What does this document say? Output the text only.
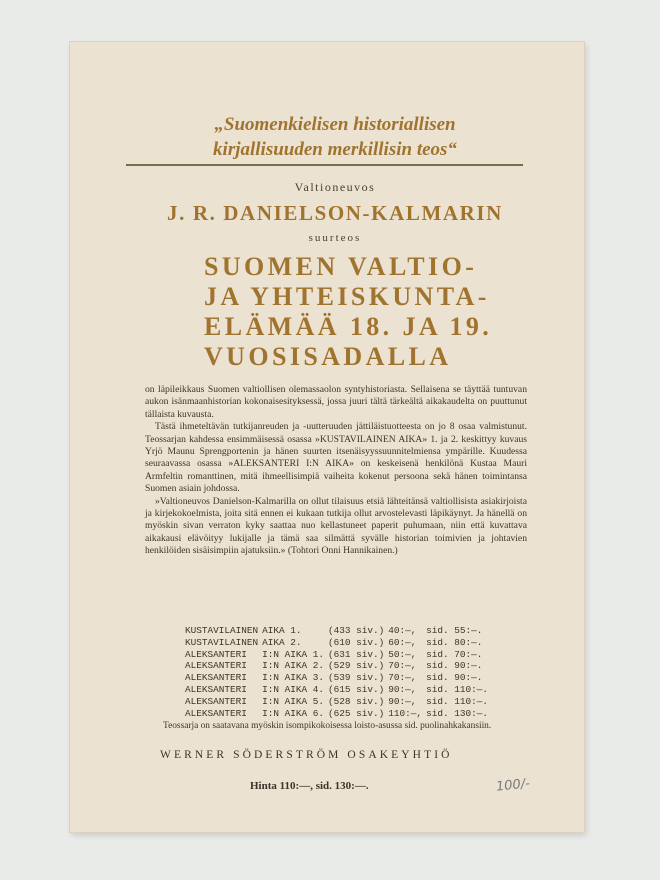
„Suomenkielisen historiallisen
kirjallisuuden merkillisin teos“
Valtioneuvos
J. R. DANIELSON-KALMARIN
suurteos
SUOMEN VALTIO-
JA YHTEISKUNTA-
ELÄMÄÄ 18. JA 19.
VUOSISADALLA

on läpileikkaus Suomen valtiollisen olemassaolon syntyhistoriasta. Sellaisena se täyttää tuntuvan aukon isänmaanhistorian kokonaisesityksessä, jossa juuri tältä tärkeältä aikakaudelta on puuttunut tällaista kuvausta.

Tästä ihmeteltävän tutkijanreuden ja -uutteruuden jättiläistuotteesta on jo 8 osaa valmistunut. Teossarjan kahdessa ensimmäisessä osassa »KUSTAVILAINEN AIKA» 1. ja 2. keskittyy kuvaus Yrjö Maunu Sprengportenin ja hänen suurten itsenäisyyssuunnitelmiensa ympärille. Kuudessa seuraavassa osassa »ALEKSANTERI I:N AIKA» on keskeisenä henkilönä Kustaa Mauri Armfeltin romanttinen, mitä ihmeellisimpiä vaiheita kokenut persoona sekä hänen toimintansa Suomen asiain johdossa.

»Valtioneuvos Danielson-Kalmarilla on ollut tilaisuus etsiä lähteitänsä valtiollisista asiakirjoista ja kirjekokoelmista, joita sitä ennen ei kukaan tutkija ollut arvostelevasti läpikäynyt. Ja hänellä on myöskin sivan verraton kyky saattaa nuo kellastuneet paperit puhumaan, niin että kuvattava aikakausi elävöityy lukijalle ja tämä saa silmättä syvälle historian toimivien ja johtavien henkilöiden sisäisimpiin ajatuksiin.» (Tohtori Onni Hannikainen.)

KUSTAVILAINEN	AIKA 1.	(433 siv.)	40:—,	sid. 55:—.
KUSTAVILAINEN	AIKA 2.	(610 siv.)	60:—,	sid. 80:—.
ALEKSANTERI	I:N AIKA 1.	(631 siv.)	50:—,	sid. 70:—.
ALEKSANTERI	I:N AIKA 2.	(529 siv.)	70:—,	sid. 90:—.
ALEKSANTERI	I:N AIKA 3.	(539 siv.)	70:—,	sid. 90:—.
ALEKSANTERI	I:N AIKA 4.	(615 siv.)	90:—,	sid. 110:—.
ALEKSANTERI	I:N AIKA 5.	(528 siv.)	90:—,	sid. 110:—.
ALEKSANTERI	I:N AIKA 6.	(625 siv.)	110:—,	sid. 130:—.
Teossarja on saatavana myöskin isompikokoisessa loisto-asussa sid. puolinahkakansiin.
WERNER SÖDERSTRÖM OSAKEYHTIÖ
Hinta 110:—, sid. 130:—.	100/-
